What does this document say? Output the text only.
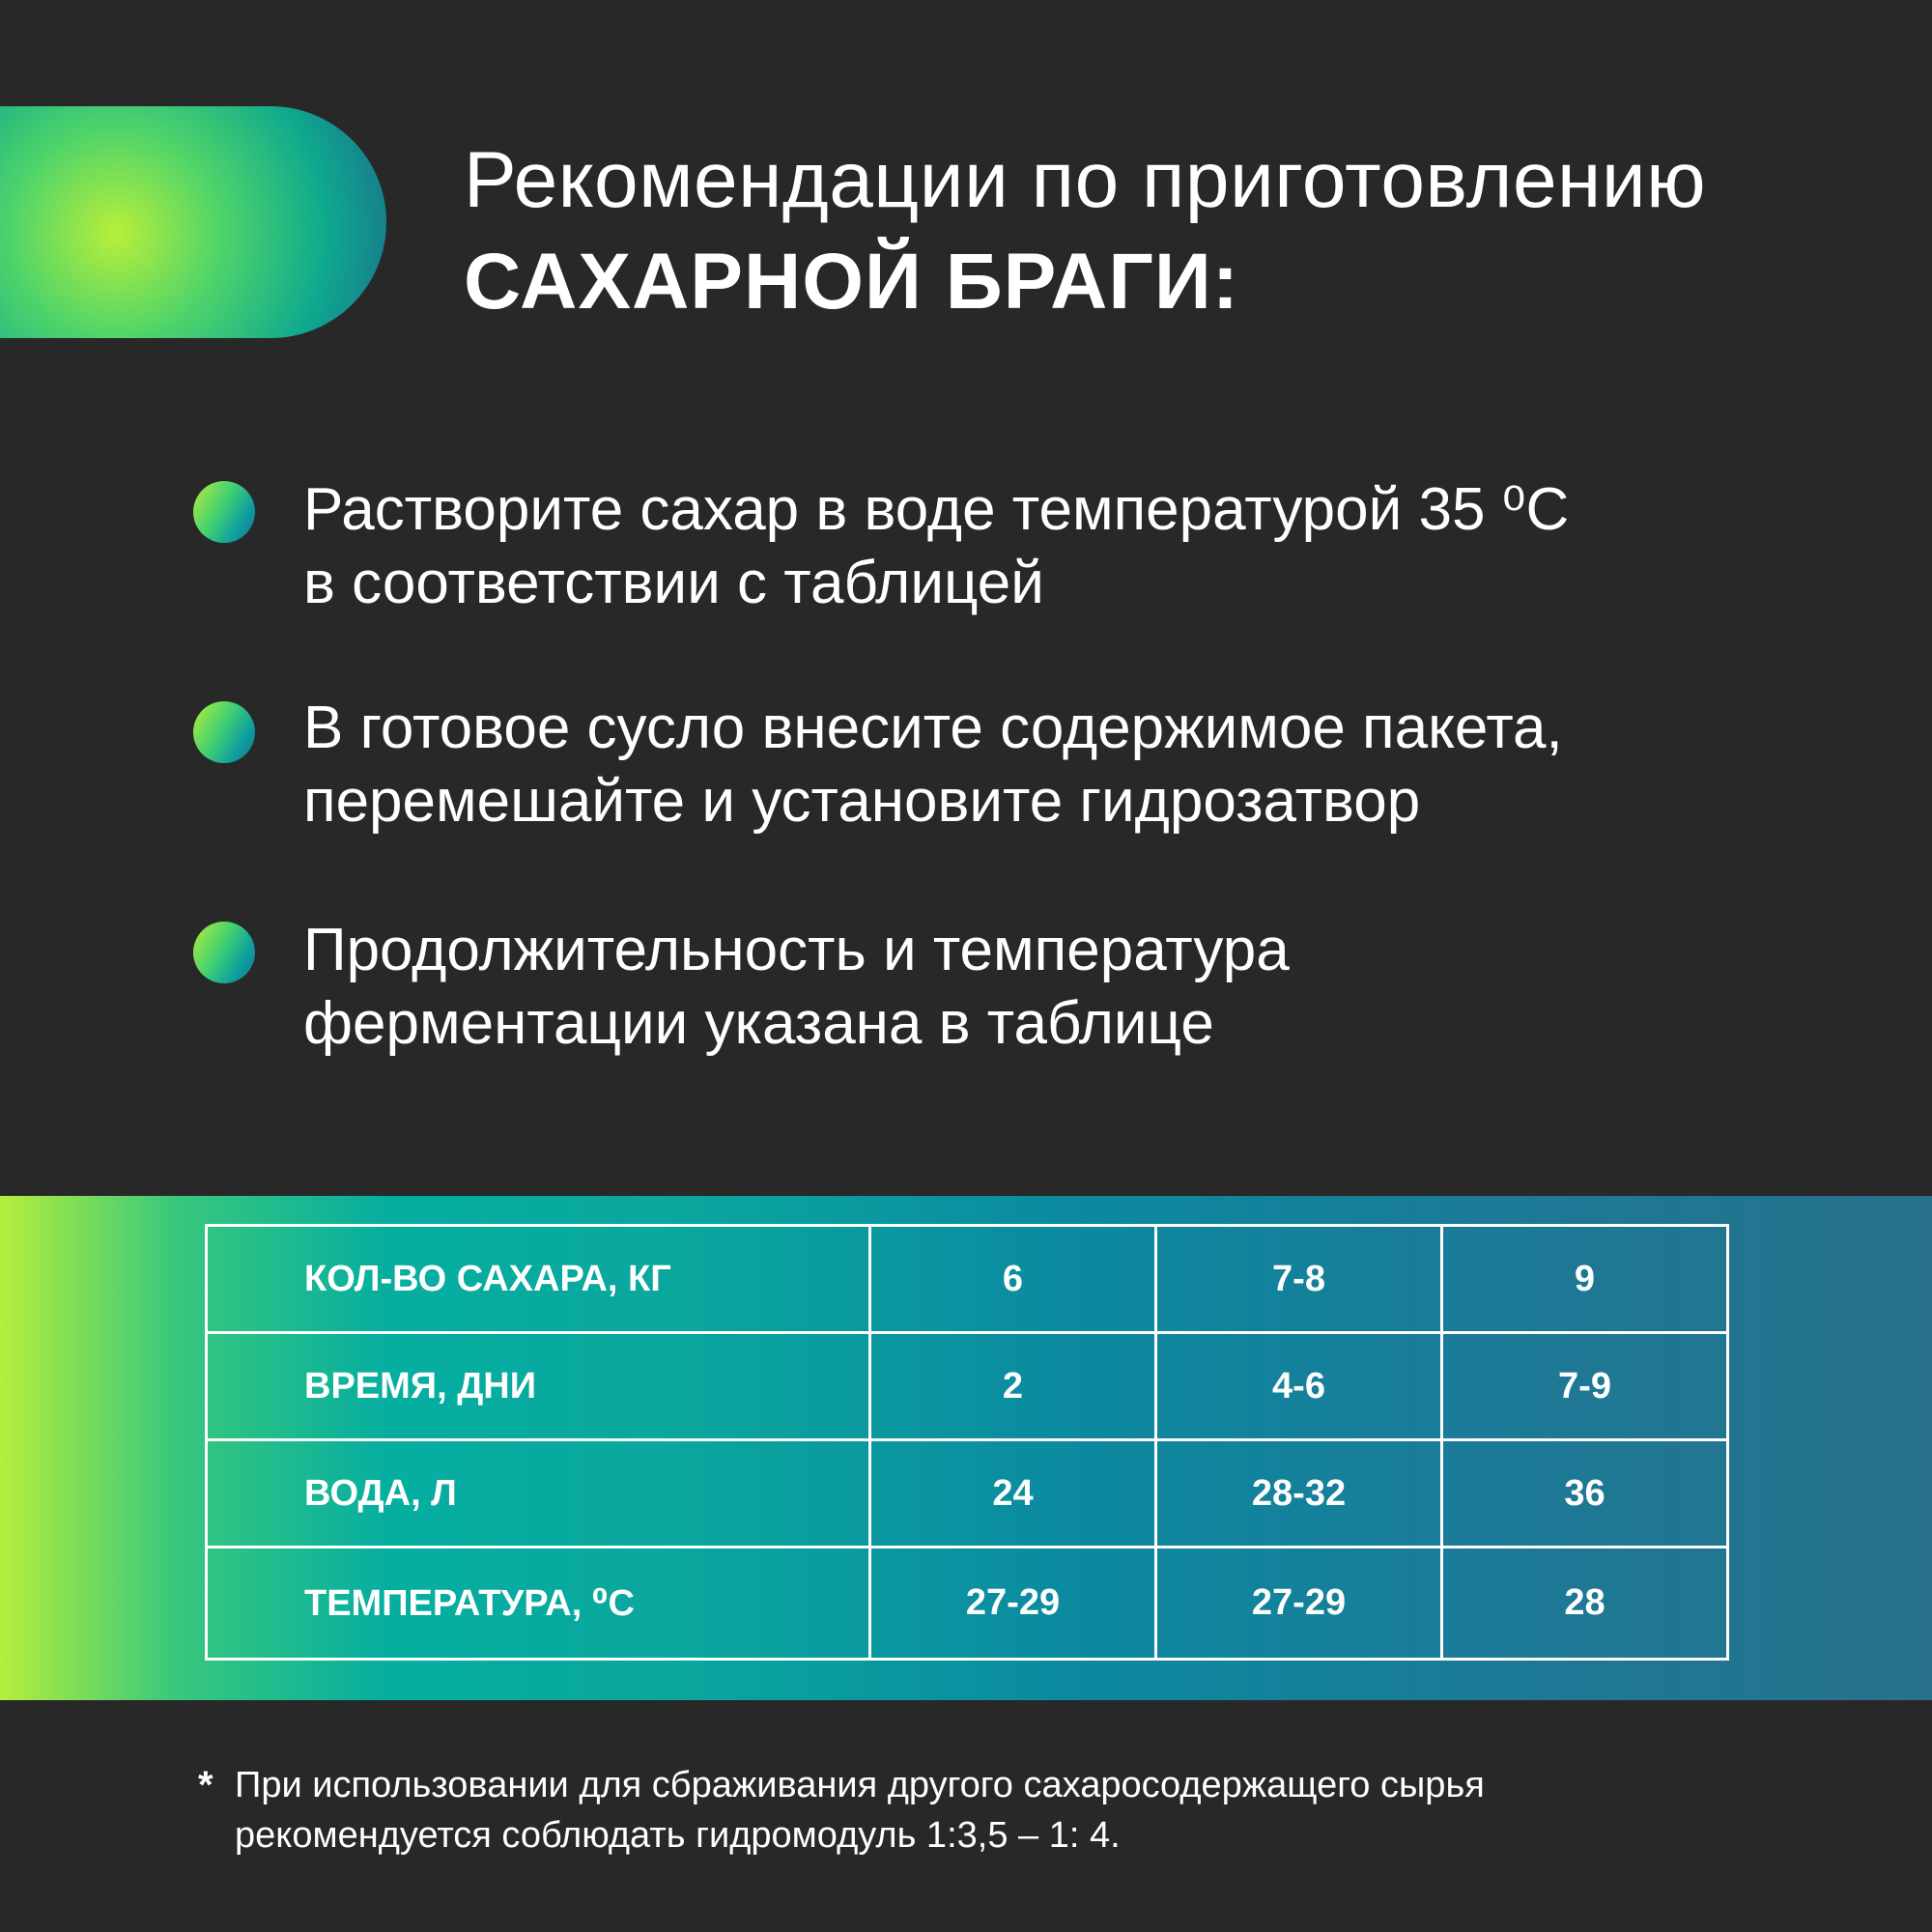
Рекомендации по приготовлению
САХАРНОЙ БРАГИ:
Растворите сахар в воде температурой 35 ⁰С
в соответствии с таблицей
В готовое сусло внесите содержимое пакета,
перемешайте и установите гидрозатвор
Продолжительность и температура
ферментации указана в таблице
КОЛ-ВО САХАРА, КГ	6	7-8	9
ВРЕМЯ, ДНИ	2	4-6	7-9
ВОДА, Л	24	28-32	36
ТЕМПЕРАТУРА, ⁰С	27-29	27-29	28
* При использовании для сбраживания другого сахаросодержащего сырья
рекомендуется соблюдать гидромодуль 1:3,5 – 1: 4.
